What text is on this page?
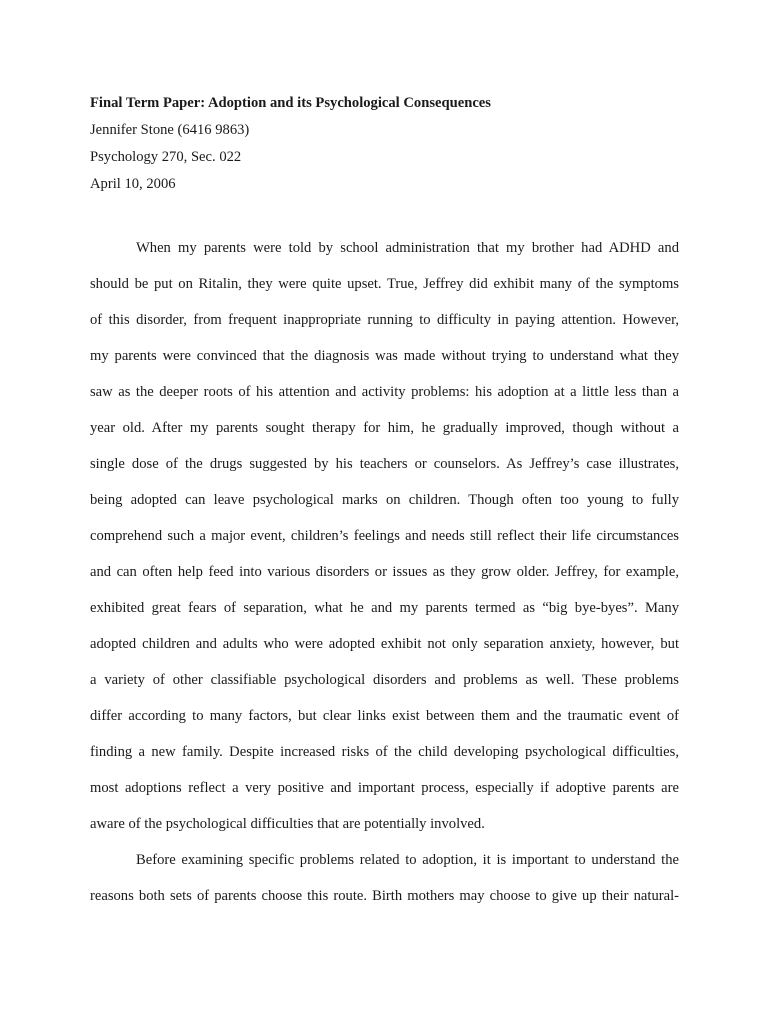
Final Term Paper: Adoption and its Psychological Consequences
Jennifer Stone (6416 9863)
Psychology 270, Sec. 022
April 10, 2006
When my parents were told by school administration that my brother had ADHD and
should be put on Ritalin, they were quite upset. True, Jeffrey did exhibit many of the symptoms
of this disorder, from frequent inappropriate running to difficulty in paying attention. However,
my parents were convinced that the diagnosis was made without trying to understand what they
saw as the deeper roots of his attention and activity problems: his adoption at a little less than a
year old. After my parents sought therapy for him, he gradually improved, though without a
single dose of the drugs suggested by his teachers or counselors. As Jeffrey’s case illustrates,
being adopted can leave psychological marks on children. Though often too young to fully
comprehend such a major event, children’s feelings and needs still reflect their life circumstances
and can often help feed into various disorders or issues as they grow older. Jeffrey, for example,
exhibited great fears of separation, what he and my parents termed as “big bye-byes”. Many
adopted children and adults who were adopted exhibit not only separation anxiety, however, but
a variety of other classifiable psychological disorders and problems as well. These problems
differ according to many factors, but clear links exist between them and the traumatic event of
finding a new family. Despite increased risks of the child developing psychological difficulties,
most adoptions reflect a very positive and important process, especially if adoptive parents are
aware of the psychological difficulties that are potentially involved.
Before examining specific problems related to adoption, it is important to understand the
reasons both sets of parents choose this route. Birth mothers may choose to give up their natural-
